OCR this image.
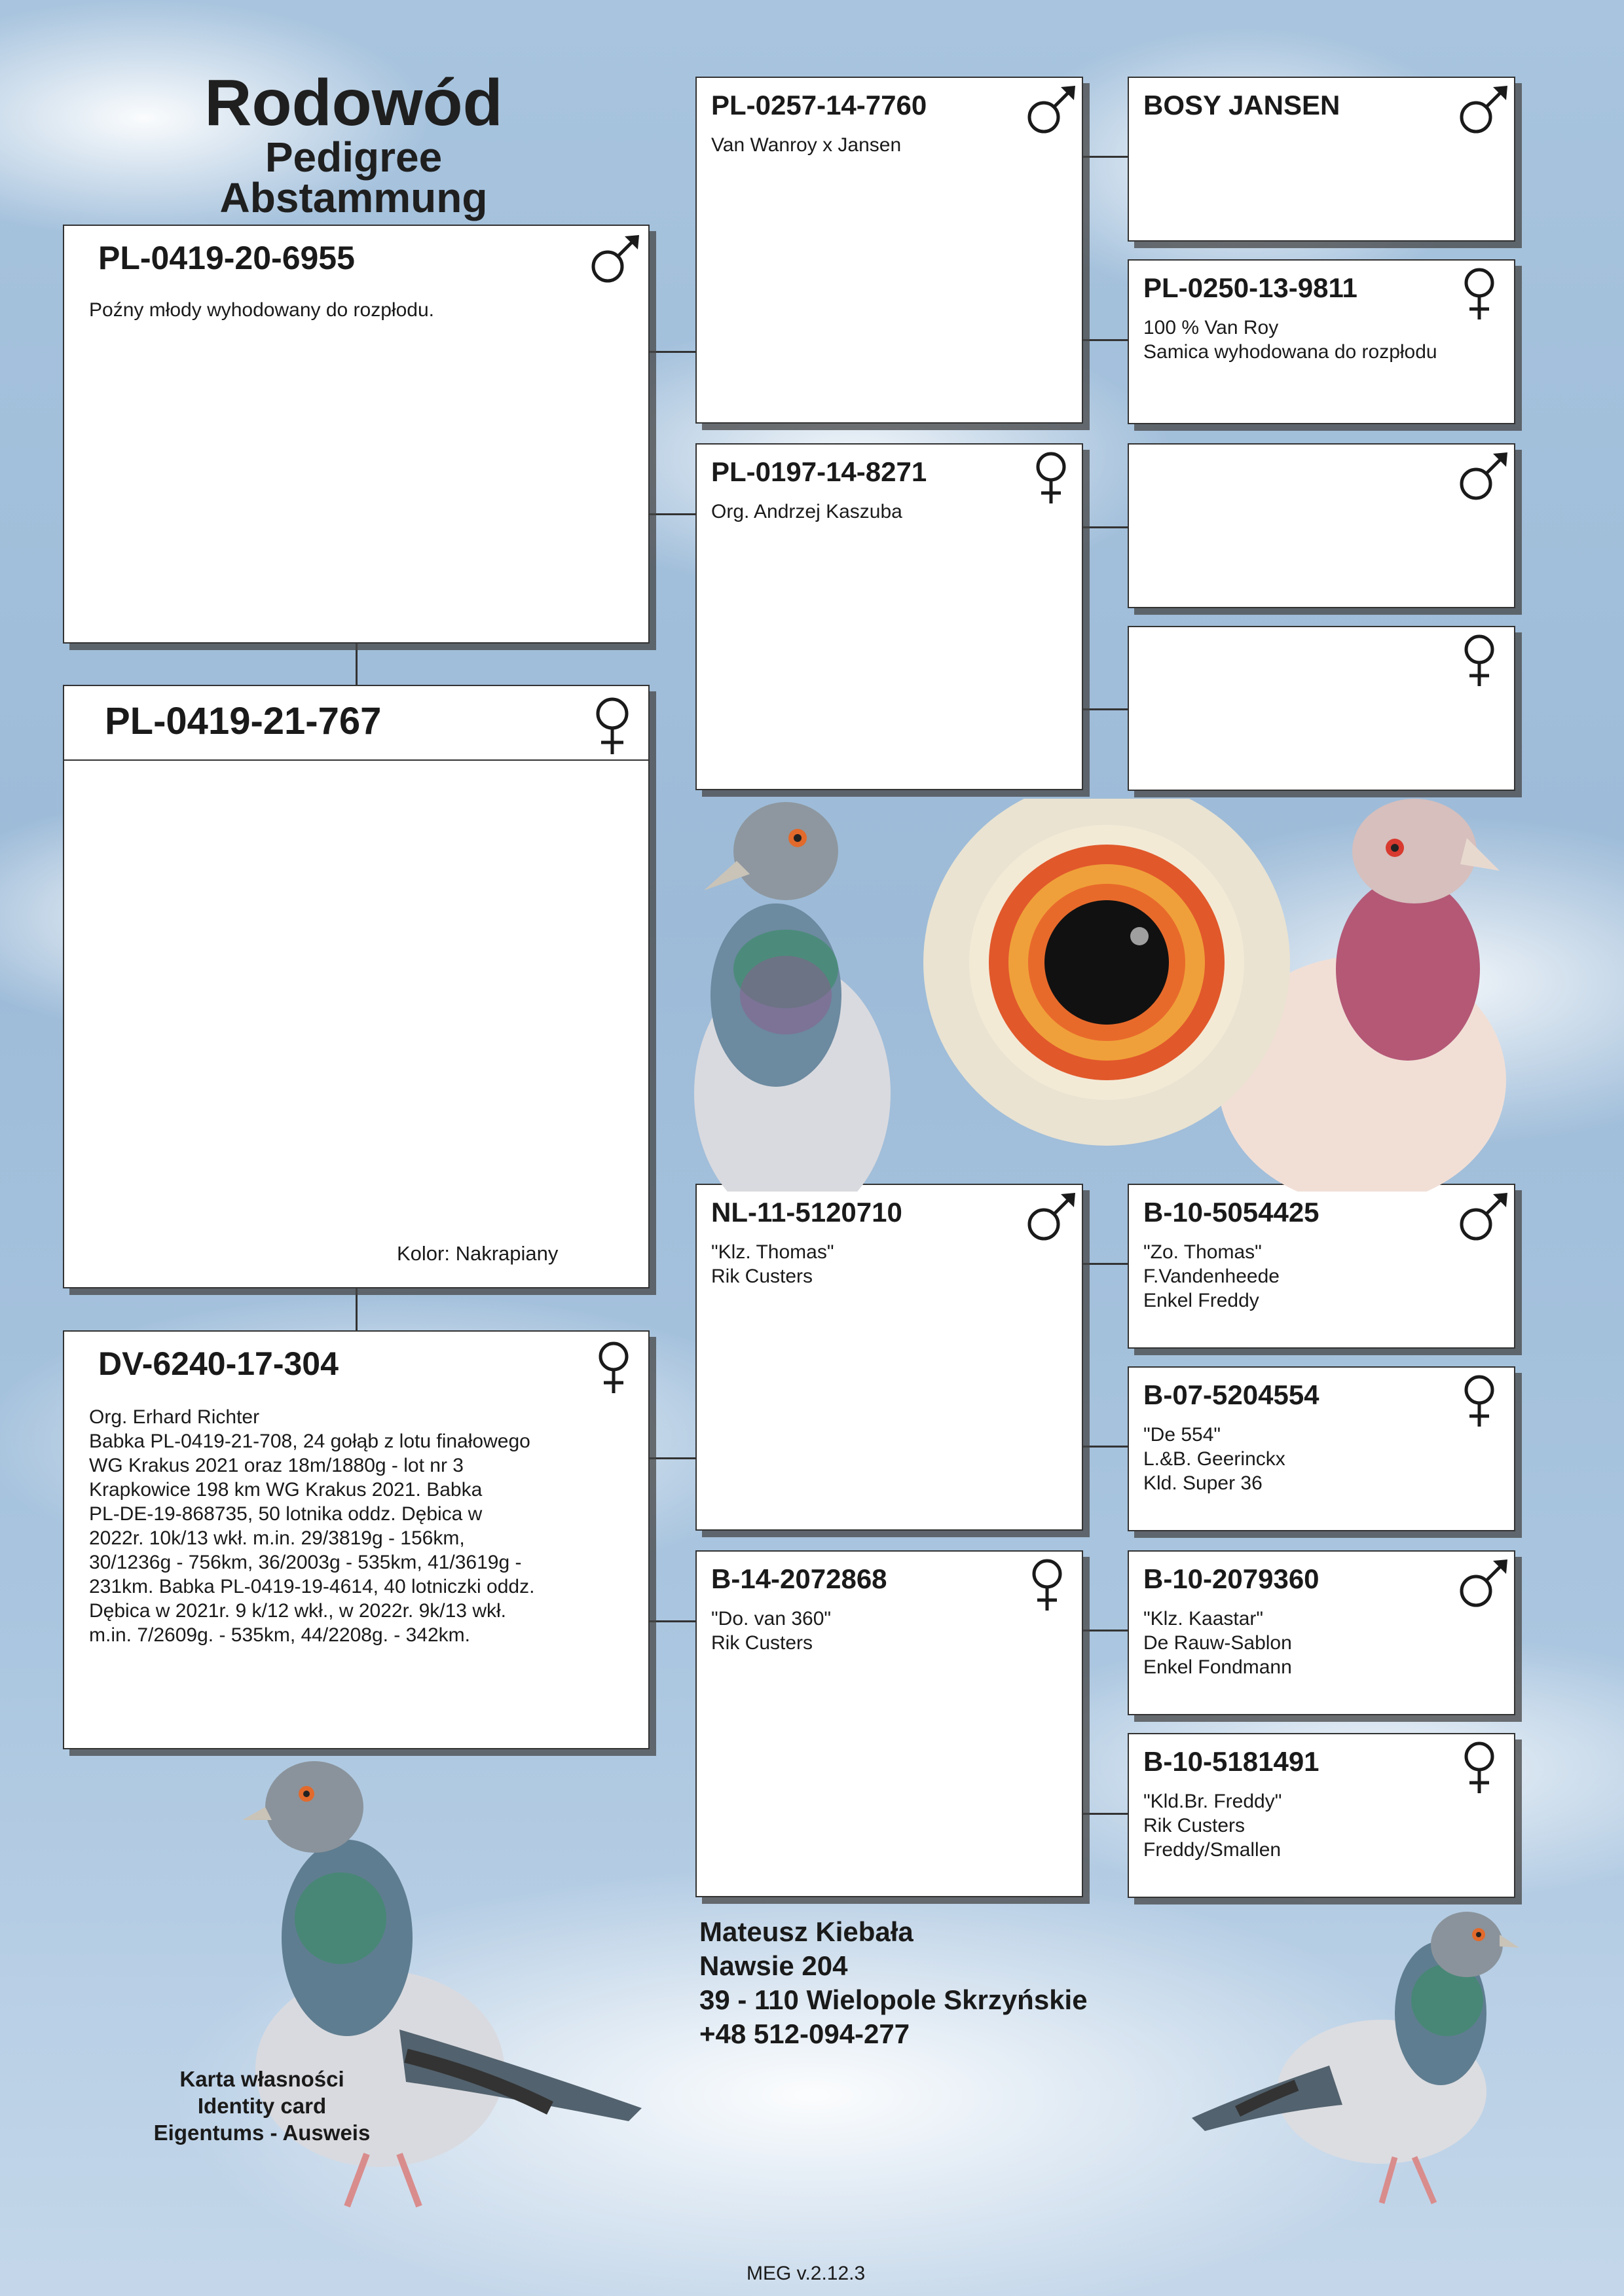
Rodowód
Pedigree
Abstammung
PL-0419-20-6955
Poźny młody wyhodowany do rozpłodu.
PL-0419-21-767
Kolor: Nakrapiany
DV-6240-17-304
Org. Erhard Richter
Babka PL-0419-21-708, 24 gołąb z lotu finałowego
WG Krakus 2021 oraz 18m/1880g - lot nr 3
Krapkowice 198 km WG Krakus 2021. Babka
PL-DE-19-868735, 50 lotnika oddz. Dębica w
2022r. 10k/13 wkł. m.in. 29/3819g - 156km,
30/1236g - 756km, 36/2003g - 535km, 41/3619g -
231km. Babka PL-0419-19-4614, 40 lotniczki oddz.
Dębica w 2021r. 9 k/12 wkł., w 2022r. 9k/13 wkł.
m.in. 7/2609g. - 535km, 44/2208g. - 342km.
PL-0257-14-7760
Van Wanroy x Jansen
PL-0197-14-8271
Org. Andrzej Kaszuba
NL-11-5120710
"Klz. Thomas"
Rik Custers
B-14-2072868
"Do. van 360"
Rik Custers
BOSY JANSEN
PL-0250-13-9811
100 % Van Roy
Samica wyhodowana do rozpłodu
B-10-5054425
"Zo. Thomas"
F.Vandenheede
Enkel Freddy
B-07-5204554
"De 554"
L.&B. Geerinckx
Kld. Super 36
B-10-2079360
"Klz. Kaastar"
De Rauw-Sablon
Enkel Fondmann
B-10-5181491
"Kld.Br. Freddy"
Rik Custers
Freddy/Smallen
Mateusz Kiebała
Nawsie 204
39 - 110 Wielopole Skrzyńskie
+48 512-094-277
Karta własności
Identity card
Eigentums - Ausweis
MEG v.2.12.3
